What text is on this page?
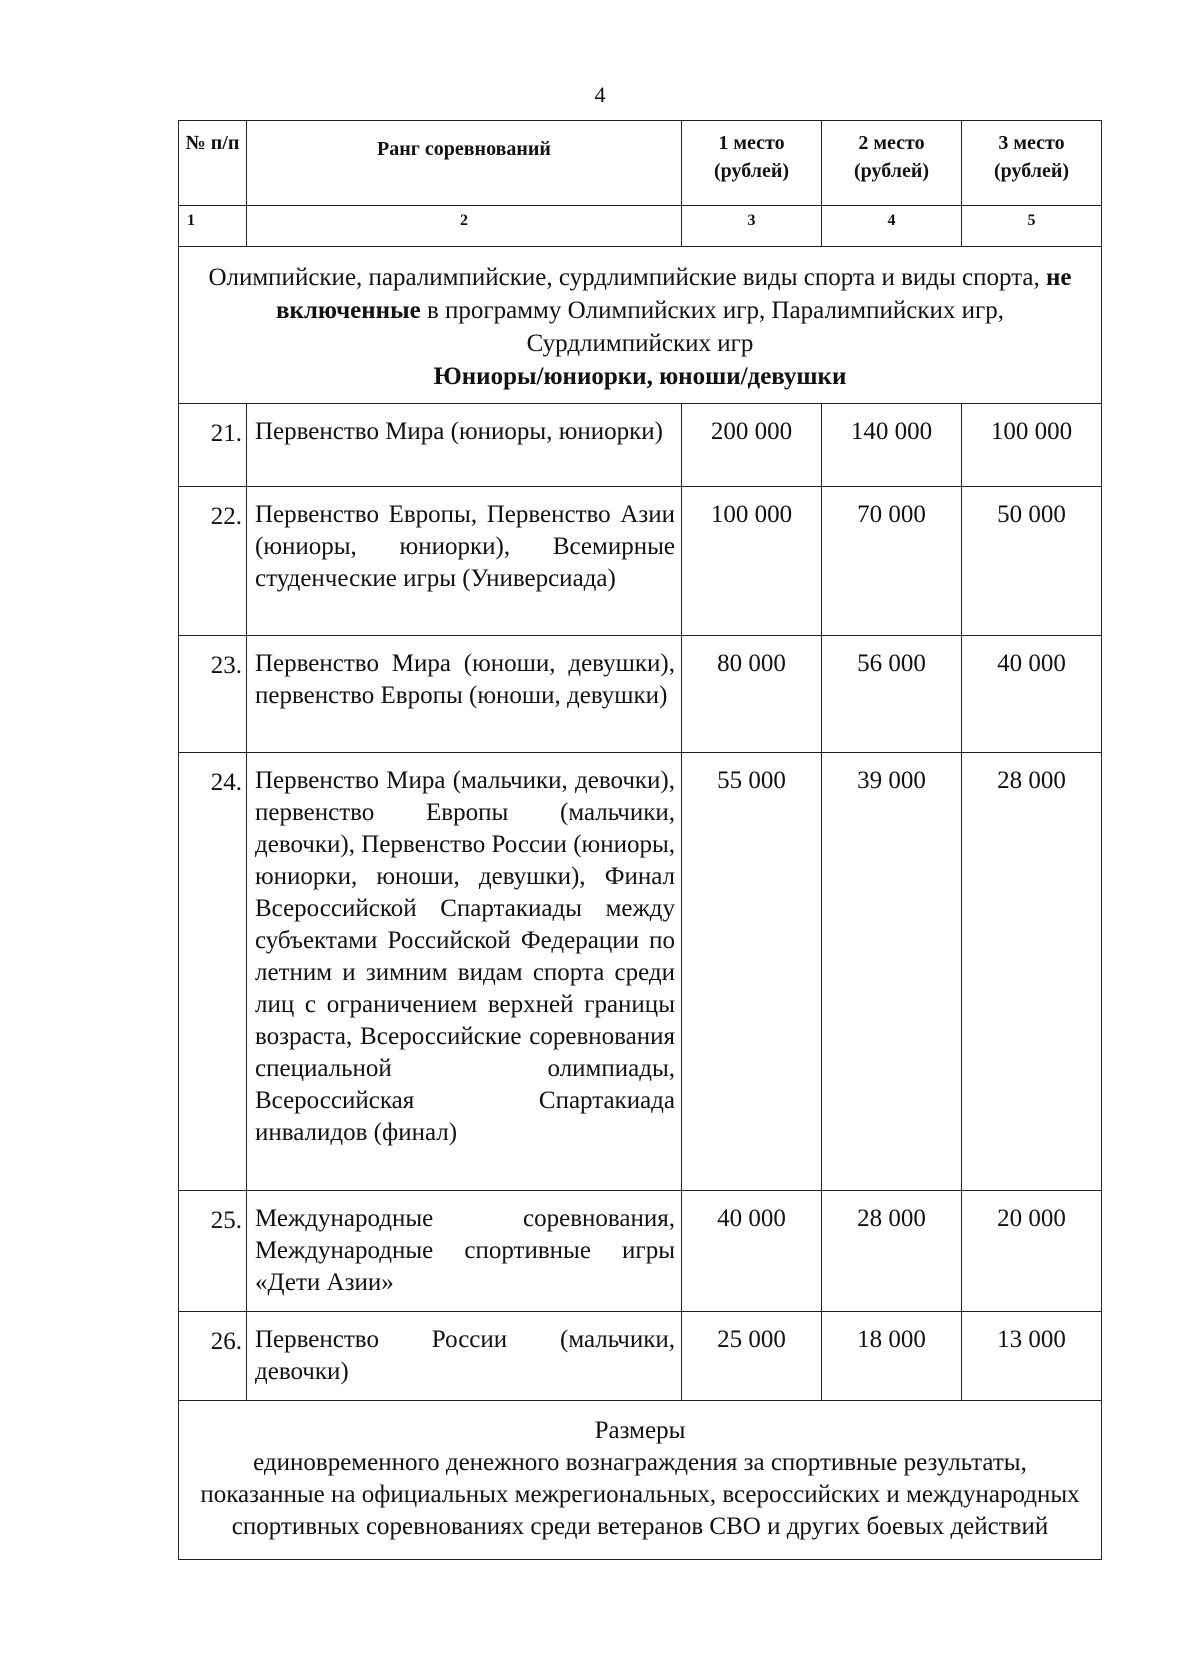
4
№ п/п	Ранг соревнований	1 место (рублей)	2 место (рублей)	3 место (рублей)
1	2	3	4	5
Олимпийские, паралимпийские, сурдлимпийские виды спорта и виды спорта, не включенные в программу Олимпийских игр, Паралимпийских игр, Сурдлимпийских игр
Юниоры/юниорки, юноши/девушки				

21.	Первенство Мира (юниоры, юниорки)	200 000	140 000	100 000
22.	Первенство Европы, Первенство Азии (юниоры, юниорки), Всемирные студенческие игры (Универсиада)	100 000	70 000	50 000
23.	Первенство Мира (юноши, девушки), первенство Европы (юноши, девушки)	80 000	56 000	40 000
24.	Первенство Мира (мальчики, девочки), первенство Европы (мальчики, девочки), Первенство России (юниоры, юниорки, юноши, девушки), Финал Всероссийской Спартакиады между субъектами Российской Федерации по летним и зимним видам спорта среди лиц с ограничением верхней границы возраста, Всероссийские соревнования специальной олимпиады, Всероссийская Спартакиада инвалидов (финал)	55 000	39 000	28 000
25.	Международные соревнования, Международные спортивные игры «Дети Азии»	40 000	28 000	20 000
26.	Первенство России (мальчики, девочки)	25 000	18 000	13 000

Размеры
единовременного денежного вознаграждения за спортивные результаты, показанные на официальных межрегиональных, всероссийских и международных спортивных соревнованиях среди ветеранов СВО и других боевых действий				
